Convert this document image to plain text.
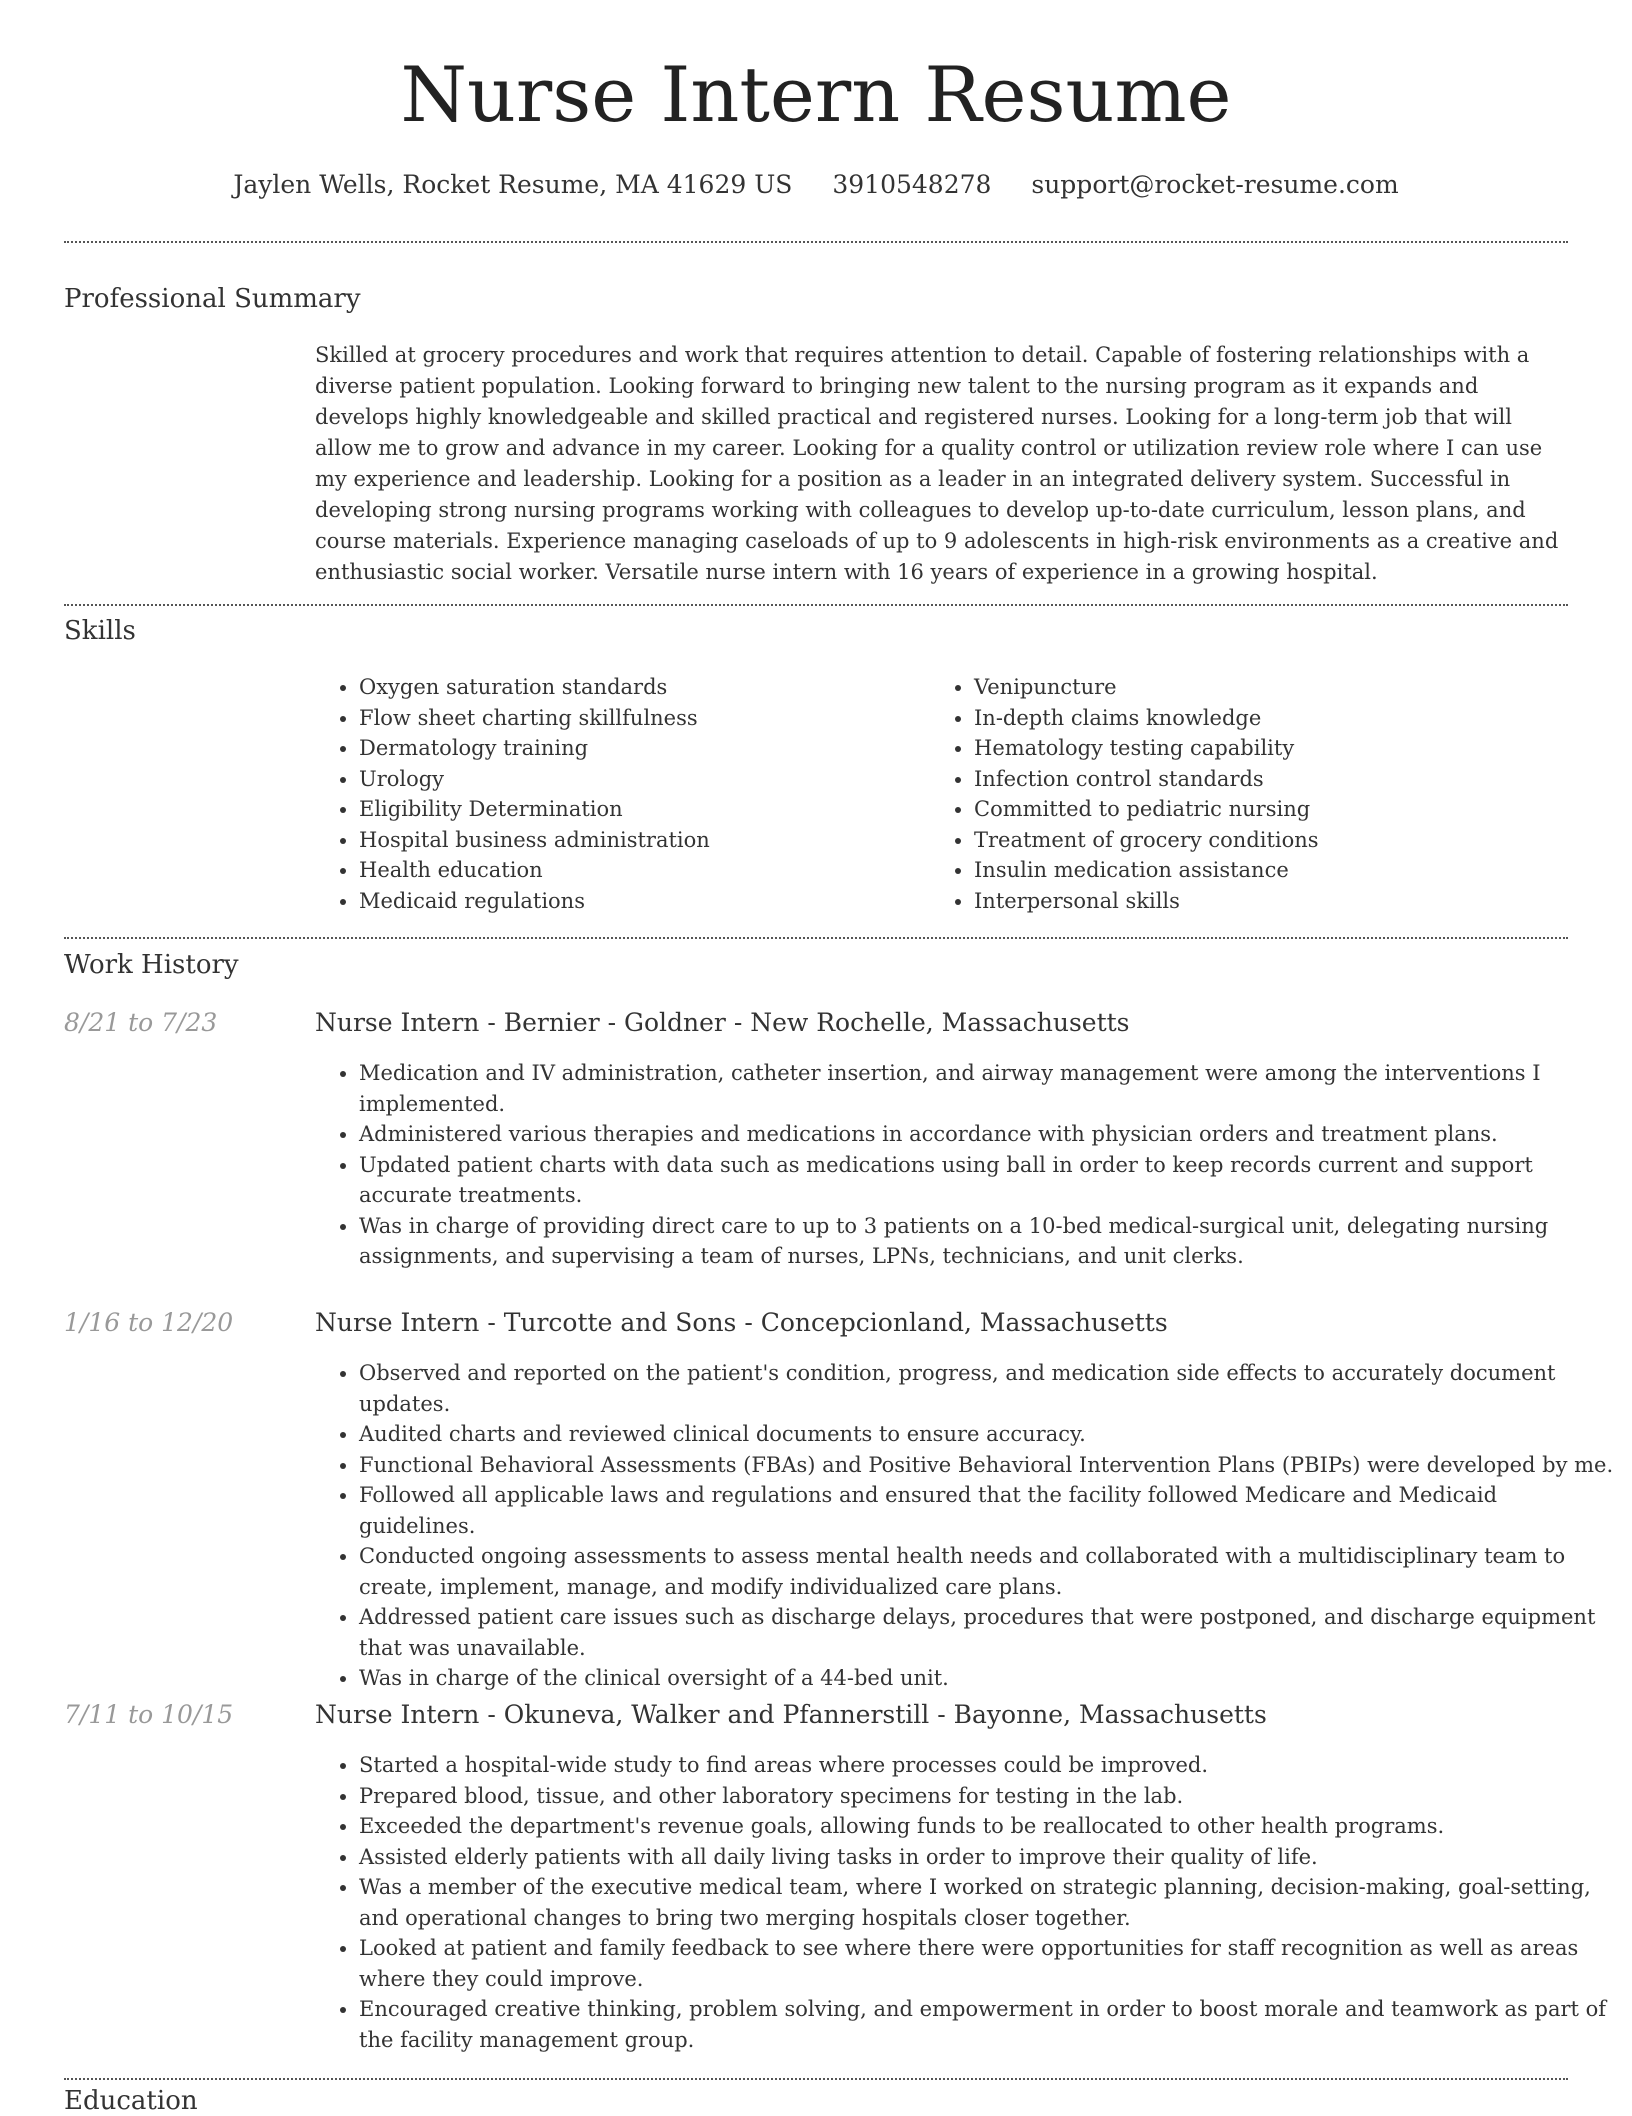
Nurse Intern Resume
Jaylen Wells, Rocket Resume, MA 41629 US 3910548278 support@rocket-resume.com
Professional Summary

Skilled at grocery procedures and work that requires attention to detail. Capable of fostering relationships with a diverse patient population. Looking forward to bringing new talent to the nursing program as it expands and develops highly knowledgeable and skilled practical and registered nurses. Looking for a long-term job that will allow me to grow and advance in my career. Looking for a quality control or utilization review role where I can use my experience and leadership. Looking for a position as a leader in an integrated delivery system. Successful in developing strong nursing programs working with colleagues to develop up-to-date curriculum, lesson plans, and course materials. Experience managing caseloads of up to 9 adolescents in high-risk environments as a creative and enthusiastic social worker. Versatile nurse intern with 16 years of experience in a growing hospital.

Skills
• Oxygen saturation standards
• Flow sheet charting skillfulness
• Dermatology training
• Urology
• Eligibility Determination
• Hospital business administration
• Health education
• Medicaid regulations
• Venipuncture
• In-depth claims knowledge
• Hematology testing capability
• Infection control standards
• Committed to pediatric nursing
• Treatment of grocery conditions
• Insulin medication assistance
• Interpersonal skills
Work History
8/21 to 7/23	Nurse Intern - Bernier - Goldner - New Rochelle, Massachusetts
• Medication and IV administration, catheter insertion, and airway management were among the interventions I implemented.
• Administered various therapies and medications in accordance with physician orders and treatment plans.
• Updated patient charts with data such as medications using ball in order to keep records current and support accurate treatments.
• Was in charge of providing direct care to up to 3 patients on a 10-bed medical-surgical unit, delegating nursing assignments, and supervising a team of nurses, LPNs, technicians, and unit clerks.
1/16 to 12/20	Nurse Intern - Turcotte and Sons - Concepcionland, Massachusetts
• Observed and reported on the patient's condition, progress, and medication side effects to accurately document updates.
• Audited charts and reviewed clinical documents to ensure accuracy.
• Functional Behavioral Assessments (FBAs) and Positive Behavioral Intervention Plans (PBIPs) were developed by me.
• Followed all applicable laws and regulations and ensured that the facility followed Medicare and Medicaid guidelines.
• Conducted ongoing assessments to assess mental health needs and collaborated with a multidisciplinary team to create, implement, manage, and modify individualized care plans.
• Addressed patient care issues such as discharge delays, procedures that were postponed, and discharge equipment that was unavailable.
• Was in charge of the clinical oversight of a 44-bed unit.
7/11 to 10/15	Nurse Intern - Okuneva, Walker and Pfannerstill - Bayonne, Massachusetts
• Started a hospital-wide study to find areas where processes could be improved.
• Prepared blood, tissue, and other laboratory specimens for testing in the lab.
• Exceeded the department's revenue goals, allowing funds to be reallocated to other health programs.
• Assisted elderly patients with all daily living tasks in order to improve their quality of life.
• Was a member of the executive medical team, where I worked on strategic planning, decision-making, goal-setting, and operational changes to bring two merging hospitals closer together.
• Looked at patient and family feedback to see where there were opportunities for staff recognition as well as areas where they could improve.
• Encouraged creative thinking, problem solving, and empowerment in order to boost morale and teamwork as part of the facility management group.
Education
